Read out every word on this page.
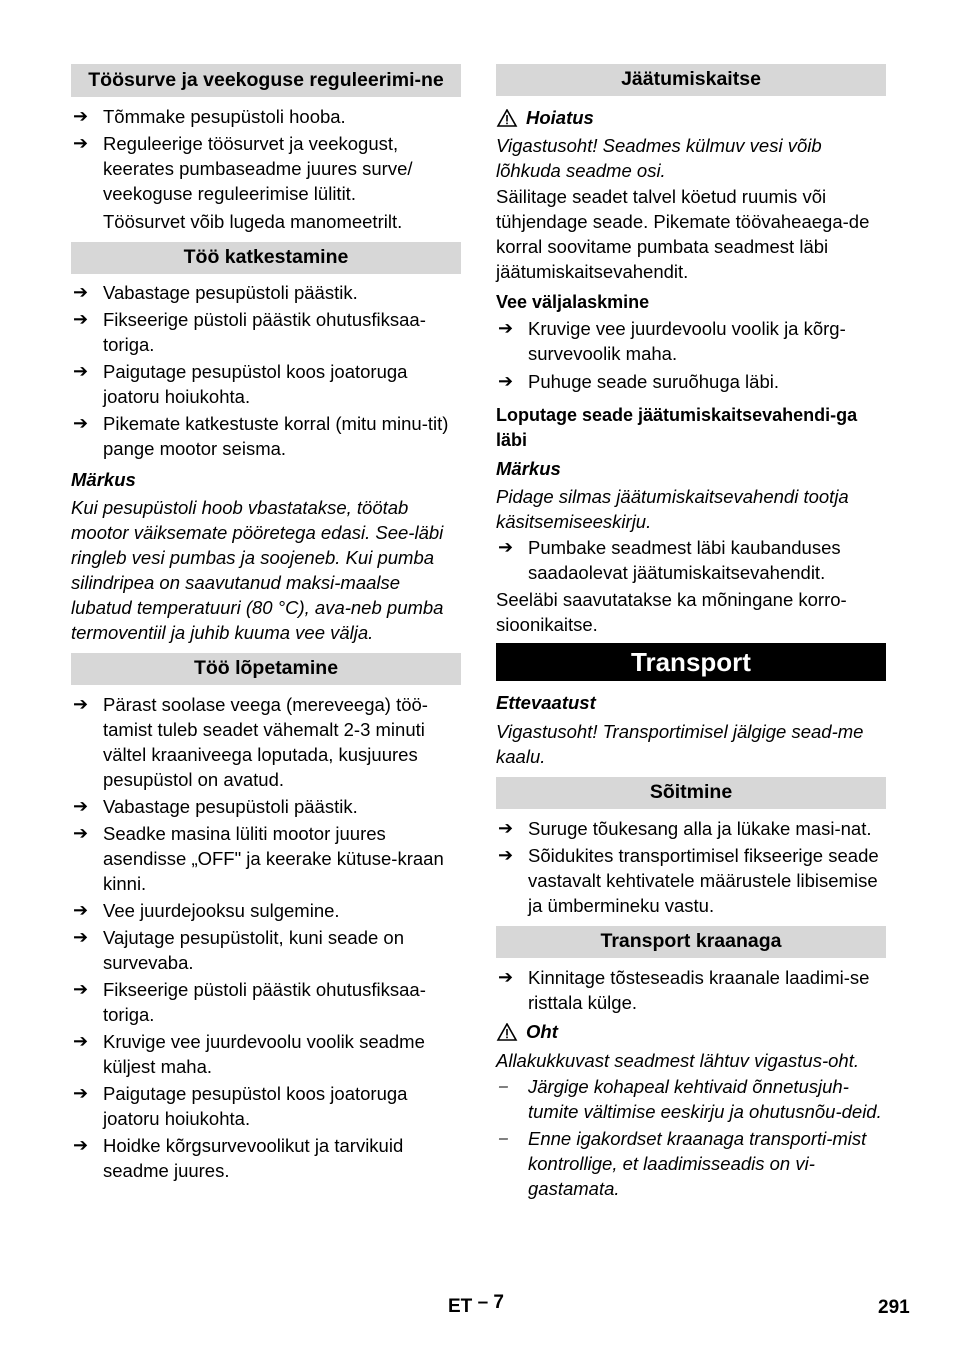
Töösurve ja veekoguse reguleerimi-ne
➔ Tõmmake pesupüstoli hooba.
➔ Reguleerige töösurvet ja veekogust, keerates pumbaseadme juures surve/ veekoguse reguleerimise lülitit.

Töösurvet võib lugeda manomeetrilt.

Töö katkestamine
➔ Vabastage pesupüstoli päästik.
➔ Fikseerige püstoli päästik ohutusfiksaa-toriga.
➔ Paigutage pesupüstol koos joatoruga joatoru hoiukohta.
➔ Pikemate katkestuste korral (mitu minu-tit) pange mootor seisma.

Märkus

Kui pesupüstoli hoob vbastatakse, töötab mootor väiksemate pööretega edasi. See-läbi ringleb vesi pumbas ja soojeneb. Kui pumba silindripea on saavutanud maksi-maalse lubatud temperatuuri (80 °C), ava-neb pumba termoventiil ja juhib kuuma vee välja.

Töö lõpetamine
➔ Pärast soolase veega (mereveega) töö-tamist tuleb seadet vähemalt 2-3 minuti vältel kraaniveega loputada, kusjuures pesupüstol on avatud.
➔ Vabastage pesupüstoli päästik.
➔ Seadke masina lüliti mootor juures asendisse „OFF" ja keerake kütuse-kraan kinni.
➔ Vee juurdejooksu sulgemine.
➔ Vajutage pesupüstolit, kuni seade on survevaba.
➔ Fikseerige püstoli päästik ohutusfiksaa-toriga.
➔ Kruvige vee juurdevoolu voolik seadme küljest maha.
➔ Paigutage pesupüstol koos joatoruga joatoru hoiukohta.
➔ Hoidke kõrgsurvevoolikut ja tarvikuid seadme juures.
Jäätumiskaitse

Hoiatus

Vigastusoht! Seadmes külmuv vesi võib lõhkuda seadme osi.

Säilitage seadet talvel köetud ruumis või tühjendage seade. Pikemate töövaheaega-de korral soovitame pumbata seadmest läbi jäätumiskaitsevahendit.

Vee väljalaskmine

➔ Kruvige vee juurdevoolu voolik ja kõrg-survevoolik maha.
➔ Puhuge seade suruõhuga läbi.

Loputage seade jäätumiskaitsevahendi-ga läbi

Märkus

Pidage silmas jäätumiskaitsevahendi tootja käsitsemiseeskirju.

➔ Pumbake seadmest läbi kaubanduses saadaolevat jäätumiskaitsevahendit.

Seeläbi saavutatakse ka mõningane korro-sioonikaitse.

Transport

Ettevaatust

Vigastusoht! Transportimisel jälgige sead-me kaalu.

Sõitmine
➔ Suruge tõukesang alla ja lükake masi-nat.
➔ Sõidukites transportimisel fikseerige seade vastavalt kehtivatele määrustele libisemise ja ümbermineku vastu.
Transport kraanaga
➔ Kinnitage tõsteseadis kraanale laadimi-se risttala külge.

Oht

Allakukkuvast seadmest lähtuv vigastus-oht.

– Järgige kohapeal kehtivaid õnnetusjuh-tumite vältimise eeskirju ja ohutusnõu-deid.
– Enne igakordset kraanaga transporti-mist kontrollige, et laadimisseadis on vi-gastamata.
ET – 7	291
